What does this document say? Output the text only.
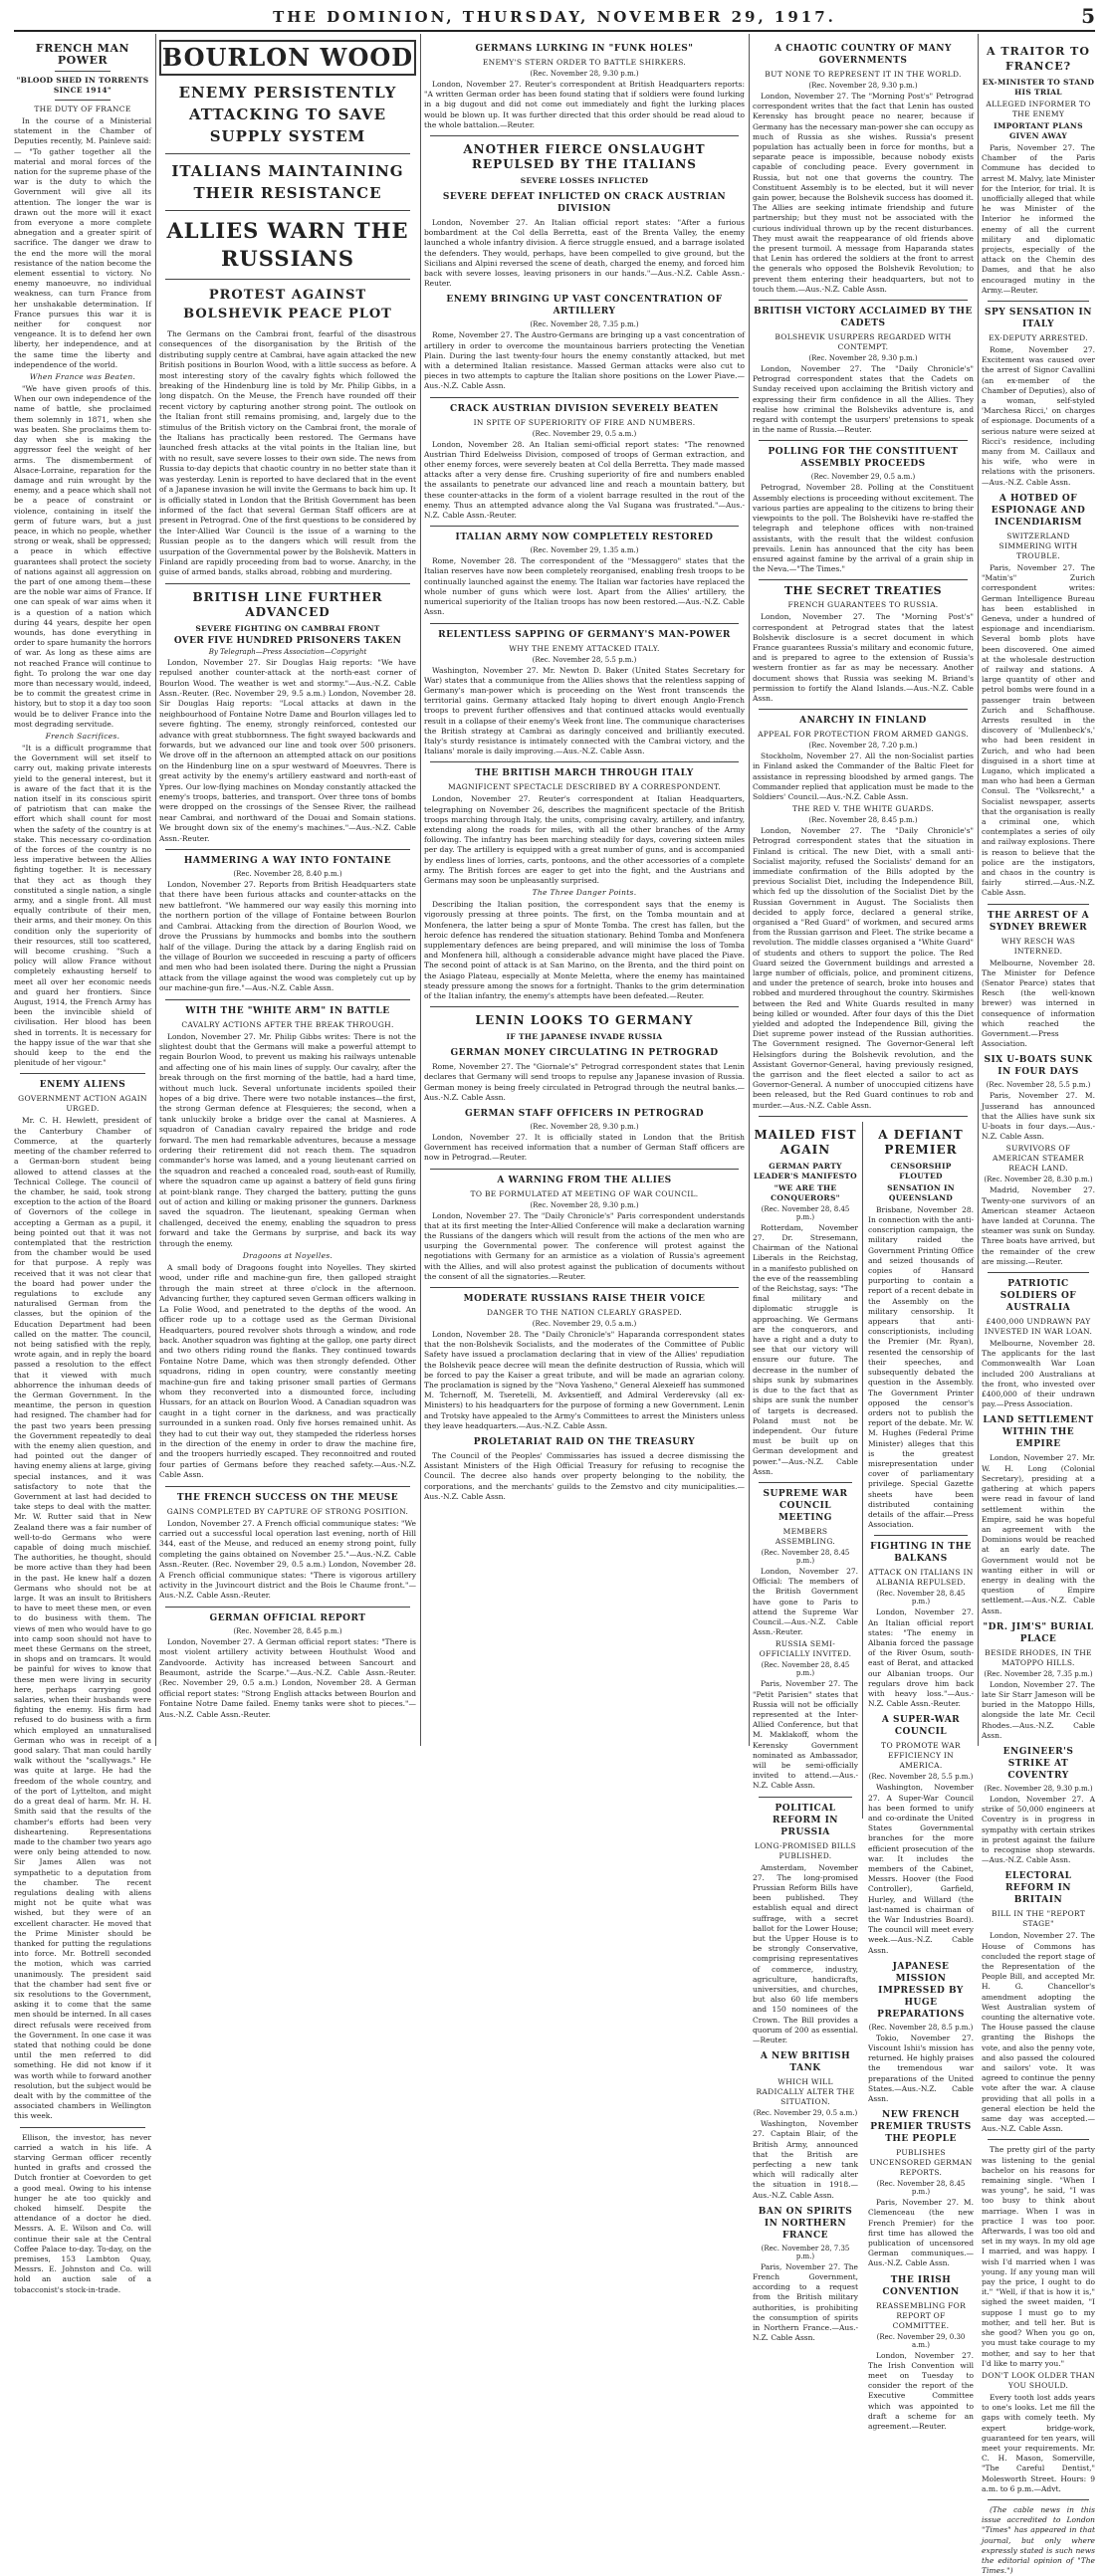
THE DOMINION, THURSDAY, NOVEMBER 29, 1917.	5
FRENCH MAN POWER
"BLOOD SHED IN TORRENTS SINCE 1914"
THE DUTY OF FRANCE

In the course of a Ministerial statement in the Chamber of Deputies recently, M. Painleve said:— "To gather together all the material and moral forces of the nation for the supreme phase of the war is the duty to which the Government will give all its attention. The longer the war is drawn out the more will it exact from everyone a more complete abnegation and a greater spirit of sacrifice. The danger we draw to the end the more will the moral resistance of the nation become the element essential to victory. No enemy manoeuvre, no individual weakness, can turn France from her unshakable determination. If France pursues this war it is neither for conquest nor vengeance. It is to defend her own liberty, her independence, and at the same time the liberty and independence of the world.

When France was Beaten.

"We have given proofs of this. When our own independence of the name of battle, she proclaimed them solemnly in 1871, when she was beaten. She proclaims them to-day when she is making the aggressor feel the weight of her arms. The dismemberment of Alsace-Lorraine, reparation for the damage and ruin wrought by the enemy, and a peace which shall not be a peace of constraint or violence, containing in itself the germ of future wars, but a just peace, in which no people, whether strong or weak, shall be oppressed; a peace in which effective guarantees shall protect the society of nations against all aggression on the part of one among them—these are the noble war aims of France. If one can speak of war aims when it is a question of a nation which during 44 years, despite her open wounds, has done everything in order to spare humanity the horrors of war. As long as these aims are not reached France will continue to fight. To prolong the war one day more than necessary would, indeed, be to commit the greatest crime in history, but to stop it a day too soon would be to deliver France into the most degrading servitude.

French Sacrifices.

"It is a difficult programme that the Government will set itself to carry out, making private interests yield to the general interest, but it is aware of the fact that it is the nation itself in its conscious spirit of patriotism that can make the effort which shall count for most when the safety of the country is at stake. This necessary co-ordination of the forces of the country is no less imperative between the Allies fighting together. It is necessary that they act as though they constituted a single nation, a single army, and a single front. All must equally contribute of their men, their arms, and their money. On this condition only the superiority of their resources, still too scattered, will become crushing. "Such a policy will allow France without completely exhausting herself to meet all over her economic needs and guard her frontiers. Since August, 1914, the French Army has been the invincible shield of civilisation. Her blood has been shed in torrents. It is necessary for the happy issue of the war that she should keep to the end the plenitude of her vigour."

ENEMY ALIENS
GOVERNMENT ACTION AGAIN URGED.

Mr. C. H. Hewlett, president of the Canterbury Chamber of Commerce, at the quarterly meeting of the chamber referred to a German-born student being allowed to attend classes at the Technical College. The council of the chamber, he said, took strong exception to the action of the Board of Governors of the college in accepting a German as a pupil, it being pointed out that it was not contemplated that the restriction from the chamber would be used for that purpose. A reply was received that it was not clear that the board had power under the regulations to exclude any naturalised German from the classes, but the opinion of the Education Department had been called on the matter. The council, not being satisfied with the reply, wrote again, and in reply the board passed a resolution to the effect that it viewed with much abhorrence the inhuman deeds of the German Government. In the meantime, the person in question had resigned. The chamber had for the past two years been pressing the Government repeatedly to deal with the enemy alien question, and had pointed out the danger of having enemy aliens at large, giving special instances, and it was satisfactory to note that the Government at last had decided to take steps to deal with the matter. Mr. W. Rutter said that in New Zealand there was a fair number of well-to-do Germans who were capable of doing much mischief. The authorities, he thought, should be more active than they had been in the past. He knew half a dozen Germans who should not be at large. It was an insult to Britishers to have to meet these men, or even to do business with them. The views of men who would have to go into camp soon should not have to meet these Germans on the street, in shops and on tramcars. It would be painful for wives to know that these men were living in security here, perhaps carrying good salaries, when their husbands were fighting the enemy. His firm had refused to do business with a firm which employed an unnaturalised German who was in receipt of a good salary. That man could hardly walk without the "scallywags." He was quite at large. He had the freedom of the whole country, and of the port of Lyttelton, and might do a great deal of harm. Mr. H. H. Smith said that the results of the chamber's efforts had been very disheartening. Representations made to the chamber two years ago were only being attended to now. Sir James Allen was not sympathetic to a deputation from the chamber. The recent regulations dealing with aliens might not be quite what was wished, but they were of an excellent character. He moved that the Prime Minister should be thanked for putting the regulations into force. Mr. Bottrell seconded the motion, which was carried unanimously. The president said that the chamber had sent five or six resolutions to the Government, asking it to come that the same men should be interned. In all cases direct refusals were received from the Government. In one case it was stated that nothing could be done until the men referred to did something. He did not know if it was worth while to forward another resolution, but the subject would be dealt with by the committee of the associated chambers in Wellington this week.

Ellison, the investor, has never carried a watch in his life. A starving German officer recently hunted in grafts and crossed the Dutch frontier at Coevorden to get a good meal. Owing to his intense hunger he ate too quickly and choked himself. Despite the attendance of a doctor he died. Messrs. A. E. Wilson and Co. will continue their sale at the Central Coffee Palace to-day. To-day, on the premises, 153 Lambton Quay, Messrs. E. Johnston and Co. will hold an auction sale of a tobacconist's stock-in-trade.

BOURLON WOOD
ENEMY PERSISTENTLY ATTACKING TO SAVE SUPPLY SYSTEM
ITALIANS MAINTAINING THEIR RESISTANCE
ALLIES WARN THE RUSSIANS
PROTEST AGAINST BOLSHEVIK PEACE PLOT

The Germans on the Cambrai front, fearful of the disastrous consequences of the disorganisation by the British of the distributing supply centre at Cambrai, have again attacked the new British positions in Bourlon Wood, with a little success as before. A most interesting story of the cavalry fights which followed the breaking of the Hindenburg line is told by Mr. Philip Gibbs, in a long dispatch. On the Meuse, the French have rounded off their recent victory by capturing another strong point. The outlook on the Italian front still remains promising, and, largely due to the stimulus of the British victory on the Cambrai front, the morale of the Italians has practically been restored. The Germans have launched fresh attacks at the vital points in the Italian line, but with no result, save severe losses to their own side. The news from Russia to-day depicts that chaotic country in no better state than it was yesterday. Lenin is reported to have declared that in the event of a Japanese invasion he will invite the Germans to back him up. It is officially stated in London that the British Government has been informed of the fact that several German Staff officers are at present in Petrograd. One of the first questions to be considered by the Inter-Allied War Council is the issue of a warning to the Russian people as to the dangers which will result from the usurpation of the Governmental power by the Bolshevik. Matters in Finland are rapidly proceeding from bad to worse. Anarchy, in the guise of armed bands, stalks abroad, robbing and murdering.

BRITISH LINE FURTHER ADVANCED
SEVERE FIGHTING ON CAMBRAI FRONT
OVER FIVE HUNDRED PRISONERS TAKEN
By Telegraph—Press Association—Copyright

London, November 27. Sir Douglas Haig reports: "We have repulsed another counter-attack at the north-east corner of Bourlon Wood. The weather is wet and stormy."—Aus.-N.Z. Cable Assn.-Reuter. (Rec. November 29, 9.5 a.m.) London, November 28. Sir Douglas Haig reports: "Local attacks at dawn in the neighbourhood of Fontaine Notre Dame and Bourlon villages led to severe fighting. The enemy, strongly reinforced, contested our advance with great stubbornness. The fight swayed backwards and forwards, but we advanced our line and took over 500 prisoners. We drove off in the afternoon an attempted attack on our positions on the Hindenburg line on a spur westward of Moeuvres. There is great activity by the enemy's artillery eastward and north-east of Ypres. Our low-flying machines on Monday constantly attacked the enemy's troops, batteries, and transport. Over three tons of bombs were dropped on the crossings of the Sensee River, the railhead near Cambrai, and northward of the Douai and Somain stations. We brought down six of the enemy's machines."—Aus.-N.Z. Cable Assn.-Reuter.

HAMMERING A WAY INTO FONTAINE
(Rec. November 28, 8.40 p.m.)

London, November 27. Reports from British Headquarters state that there have been furious attacks and counter-attacks on the new battlefront. "We hammered our way easily this morning into the northern portion of the village of Fontaine between Bourlon and Cambrai. Attacking from the direction of Bourlon Wood, we drove the Prussians by hummocks and bombs into the southern half of the village. During the attack by a daring English raid on the village of Bourlon we succeeded in rescuing a party of officers and men who had been isolated there. During the night a Prussian attack from the village against the wood was completely cut up by our machine-gun fire."—Aus.-N.Z. Cable Assn.

WITH THE "WHITE ARM" IN BATTLE
CAVALRY ACTIONS AFTER THE BREAK THROUGH.

London, November 27. Mr. Philip Gibbs writes: There is not the slightest doubt that the Germans will make a powerful attempt to regain Bourlon Wood, to prevent us making his railways untenable and affecting one of his main lines of supply. Our cavalry, after the break through on the first morning of the battle, had a hard time, without much luck. Several unfortunate incidents spoiled their hopes of a big drive. There were two notable instances—the first, the strong German defence at Flesquieres; the second, when a tank unluckily broke a bridge over the canal at Masnieres. A squadron of Canadian cavalry repaired the bridge and rode forward. The men had remarkable adventures, because a message ordering their retirement did not reach them. The squadron commander's horse was lamed, and a young lieutenant carried on the squadron and reached a concealed road, south-east of Rumilly, where the squadron came up against a battery of field guns firing at point-blank range. They charged the battery, putting the guns out of action and killing or making prisoner the gunners. Darkness saved the squadron. The lieutenant, speaking German when challenged, deceived the enemy, enabling the squadron to press forward and take the Germans by surprise, and back its way through the enemy.

Dragoons at Noyelles.

A small body of Dragoons fought into Noyelles. They skirted wood, under rifle and machine-gun fire, then galloped straight through the main street at three o'clock in the afternoon. Advancing further, they captured seven German officers walking in La Folie Wood, and penetrated to the depths of the wood. An officer rode up to a cottage used as the German Divisional Headquarters, poured revolver shots through a window, and rode back. Another squadron was fighting at the gallop, one party direct and two others riding round the flanks. They continued towards Fontaine Notre Dame, which was then strongly defended. Other squadrons, riding in open country, were constantly meeting machine-gun fire and taking prisoner small parties of Germans whom they reconverted into a dismounted force, including Hussars, for an attack on Bourlon Wood. A Canadian squadron was caught in a tight corner in the darkness, and was practically surrounded in a sunken road. Only five horses remained unhit. As they had to cut their way out, they stampeded the riderless horses in the direction of the enemy in order to draw the machine fire, and the troopers hurriedly escaped. They reconnoitred and routed four parties of Germans before they reached safety.—Aus.-N.Z. Cable Assn.

THE FRENCH SUCCESS ON THE MEUSE
GAINS COMPLETED BY CAPTURE OF STRONG POSITION.

London, November 27. A French official communique states: "We carried out a successful local operation last evening, north of Hill 344, east of the Meuse, and reduced an enemy strong point, fully completing the gains obtained on November 25."—Aus.-N.Z. Cable Assn.-Reuter. (Rec. November 29, 0.5 a.m.) London, November 28. A French official communique states: "There is vigorous artillery activity in the Juvincourt district and the Bois le Chaume front."—Aus.-N.Z. Cable Assn.-Reuter.

GERMAN OFFICIAL REPORT
(Rec. November 28, 8.45 p.m.)

London, November 27. A German official report states: "There is most violent artillery activity between Houthulst Wood and Zandvoorde. Activity has increased between Sancourt and Beaumont, astride the Scarpe."—Aus.-N.Z. Cable Assn.-Reuter. (Rec. November 29, 0.5 a.m.) London, November 28. A German official report states: "Strong English attacks between Bourlon and Fontaine Notre Dame failed. Enemy tanks were shot to pieces."—Aus.-N.Z. Cable Assn.-Reuter.

GERMANS LURKING IN "FUNK HOLES"
ENEMY'S STERN ORDER TO BATTLE SHIRKERS.
(Rec. November 28, 9.30 p.m.)

London, November 27. Reuter's correspondent at British Headquarters reports: "A written German order has been found stating that if soldiers were found lurking in a big dugout and did not come out immediately and fight the lurking places would be blown up. It was further directed that this order should be read aloud to the whole battalion.—Reuter.

ANOTHER FIERCE ONSLAUGHT REPULSED BY THE ITALIANS
SEVERE LOSSES INFLICTED
SEVERE DEFEAT INFLICTED ON CRACK AUSTRIAN DIVISION

London, November 27. An Italian official report states: "After a furious bombardment at the Col della Berretta, east of the Brenta Valley, the enemy launched a whole infantry division. A fierce struggle ensued, and a barrage isolated the defenders. They would, perhaps, have been compelled to give ground, but the Sicilians and Alpini reversed the scene of death, charged the enemy, and forced him back with severe losses, leaving prisoners in our hands."—Aus.-N.Z. Cable Assn.-Reuter.

ENEMY BRINGING UP VAST CONCENTRATION OF ARTILLERY
(Rec. November 28, 7.35 p.m.)

Rome, November 27. The Austro-Germans are bringing up a vast concentration of artillery in order to overcome the mountainous barriers protecting the Venetian Plain. During the last twenty-four hours the enemy constantly attacked, but met with a determined Italian resistance. Massed German attacks were also cut to pieces in two attempts to capture the Italian shore positions on the Lower Piave.—Aus.-N.Z. Cable Assn.

CRACK AUSTRIAN DIVISION SEVERELY BEATEN
IN SPITE OF SUPERIORITY OF FIRE AND NUMBERS.
(Rec. November 29, 0.5 a.m.)

London, November 28. An Italian semi-official report states: "The renowned Austrian Third Edelweiss Division, composed of troops of German extraction, and other enemy forces, were severely beaten at Col della Berretta. They made massed attacks after a very dense fire. Crushing superiority of fire and numbers enabled the assailants to penetrate our advanced line and reach a mountain battery, but these counter-attacks in the form of a violent barrage resulted in the rout of the enemy. Thus an attempted advance along the Val Sugana was frustrated."—Aus.-N.Z. Cable Assn.-Reuter.

ITALIAN ARMY NOW COMPLETELY RESTORED
(Rec. November 29, 1.35 a.m.)

Rome, November 28. The correspondent of the "Messaggero" states that the Italian reserves have now been completely reorganised, enabling fresh troops to be continually launched against the enemy. The Italian war factories have replaced the whole number of guns which were lost. Apart from the Allies' artillery, the numerical superiority of the Italian troops has now been restored.—Aus.-N.Z. Cable Assn.

RELENTLESS SAPPING OF GERMANY'S MAN-POWER
WHY THE ENEMY ATTACKED ITALY.
(Rec. November 28, 5.5 p.m.)

Washington, November 27. Mr. Newton D. Baker (United States Secretary for War) states that a communique from the Allies shows that the relentless sapping of Germany's man-power which is proceeding on the West front transcends the territorial gains. Germany attacked Italy hoping to divert enough Anglo-French troops to prevent further offensives and that continued attacks would eventually result in a collapse of their enemy's Week front line. The communique characterises the British strategy at Cambrai as daringly conceived and brilliantly executed. Italy's sturdy resistance is intimately connected with the Cambrai victory, and the Italians' morale is daily improving.—Aus.-N.Z. Cable Assn.

THE BRITISH MARCH THROUGH ITALY
MAGNIFICENT SPECTACLE DESCRIBED BY A CORRESPONDENT.

London, November 27. Reuter's correspondent at Italian Headquarters, telegraphing on November 26, describes the magnificent spectacle of the British troops marching through Italy, the units, comprising cavalry, artillery, and infantry, extending along the roads for miles, with all the other branches of the Army following. The infantry has been marching steadily for days, covering sixteen miles per day. The artillery is equipped with a great number of guns, and is accompanied by endless lines of lorries, carts, pontoons, and the other accessories of a complete army. The British forces are eager to get into the fight, and the Austrians and Germans may soon be unpleasantly surprised.

The Three Danger Points.

Describing the Italian position, the correspondent says that the enemy is vigorously pressing at three points. The first, on the Tomba mountain and at Monfenera, the latter being a spur of Monte Tomba. The crest has fallen, but the heroic defence has rendered the situation stationary. Behind Tomba and Monfenera supplementary defences are being prepared, and will minimise the loss of Tomba and Monfenera hill, although a considerable advance might have placed the Piave. The second point of attack is at San Marino, on the Brenta, and the third point on the Asiago Plateau, especially at Monte Meletta, where the enemy has maintained steady pressure among the snows for a fortnight. Thanks to the grim determination of the Italian infantry, the enemy's attempts have been defeated.—Reuter.

LENIN LOOKS TO GERMANY
IF THE JAPANESE INVADE RUSSIA
GERMAN MONEY CIRCULATING IN PETROGRAD

Rome, November 27. The "Giornale's" Petrograd correspondent states that Lenin declares that Germany will send troops to repulse any Japanese invasion of Russia. German money is being freely circulated in Petrograd through the neutral banks.—Aus.-N.Z. Cable Assn.

GERMAN STAFF OFFICERS IN PETROGRAD
(Rec. November 28, 9.30 p.m.)

London, November 27. It is officially stated in London that the British Government has received information that a number of German Staff officers are now in Petrograd.—Reuter.

A WARNING FROM THE ALLIES
TO BE FORMULATED AT MEETING OF WAR COUNCIL.
(Rec. November 28, 9.30 p.m.)

London, November 27. The "Daily Chronicle's" Paris correspondent understands that at its first meeting the Inter-Allied Conference will make a declaration warning the Russians of the dangers which will result from the actions of the men who are usurping the Governmental power. The conference will protest against the negotiations with Germany for an armistice as a violation of Russia's agreement with the Allies, and will also protest against the publication of documents without the consent of all the signatories.—Reuter.

MODERATE RUSSIANS RAISE THEIR VOICE
DANGER TO THE NATION CLEARLY GRASPED.
(Rec. November 29, 0.5 a.m.)

London, November 28. The "Daily Chronicle's" Haparanda correspondent states that the non-Bolshevik Socialists, and the moderates of the Committee of Public Safety have issued a proclamation declaring that in view of the Allies' repudiation the Bolshevik peace decree will mean the definite destruction of Russia, which will be forced to pay the Kaiser a great tribute, and will be made an agrarian colony. The proclamation is signed by the "Nova Yasheno," General Alexeieff has summoned M. Tchernoff, M. Tseretelli, M. Avksentieff, and Admiral Verderevsky (all ex-Ministers) to his headquarters for the purpose of forming a new Government. Lenin and Trotsky have appealed to the Army's Committees to arrest the Ministers unless they leave headquarters.—Aus.-N.Z. Cable Assn.

PROLETARIAT RAID ON THE TREASURY

The Council of the Peoples' Commissaries has issued a decree dismissing the Assistant Ministers of the High Official Treasury for refusing to recognise the Council. The decree also hands over property belonging to the nobility, the corporations, and the merchants' guilds to the Zemstvo and city municipalities.—Aus.-N.Z. Cable Assn.

A CHAOTIC COUNTRY OF MANY GOVERNMENTS
BUT NONE TO REPRESENT IT IN THE WORLD.
(Rec. November 28, 9.30 p.m.)

London, November 27. The "Morning Post's" Petrograd correspondent writes that the fact that Lenin has ousted Kerensky has brought peace no nearer, because if Germany has the necessary man-power she can occupy as much of Russia as she wishes. Russia's present population has actually been in force for months, but a separate peace is impossible, because nobody exists capable of concluding peace. Every government in Russia, but not one that governs the country. The Constituent Assembly is to be elected, but it will never gain power, because the Bolshevik success has doomed it. The Allies are seeking intimate friendship and future partnership; but they must not be associated with the curious individual thrown up by the recent disturbances. They must await the reappearance of old friends above the present turmoil. A message from Haparanda states that Lenin has ordered the soldiers at the front to arrest the generals who opposed the Bolshevik Revolution; to prevent them entering their headquarters, but not to touch them.—Aus.-N.Z. Cable Assn.

BRITISH VICTORY ACCLAIMED BY THE CADETS
BOLSHEVIK USURPERS REGARDED WITH CONTEMPT.
(Rec. November 28, 9.30 p.m.)

London, November 27. The "Daily Chronicle's" Petrograd correspondent states that the Cadets on Sunday received upon acclaiming the British victory and expressing their firm confidence in all the Allies. They realise how criminal the Bolsheviks adventure is, and regard with contempt the usurpers' pretensions to speak in the name of Russia.—Reuter.

POLLING FOR THE CONSTITUENT ASSEMBLY PROCEEDS
(Rec. November 29, 0.5 a.m.)

Petrograd, November 28. Polling at the Constituent Assembly elections is proceeding without excitement. The various parties are appealing to the citizens to bring their viewpoints to the poll. The Bolsheviki have re-staffed the telegraph and telephone offices with non-trained assistants, with the result that the wildest confusion prevails. Lenin has announced that the city has been ensured against famine by the arrival of a grain ship in the Neva.—"The Times."

THE SECRET TREATIES
FRENCH GUARANTEES TO RUSSIA.

London, November 27. The "Morning Post's" correspondent at Petrograd states that the latest Bolshevik disclosure is a secret document in which France guarantees Russia's military and economic future, and is prepared to agree to the extension of Russia's western frontier as far as may be necessary. Another document shows that Russia was seeking M. Briand's permission to fortify the Aland Islands.—Aus.-N.Z. Cable Assn.

ANARCHY IN FINLAND
APPEAL FOR PROTECTION FROM ARMED GANGS.
(Rec. November 28, 7.20 p.m.)

Stockholm, November 27. All the non-Socialist parties in Finland asked the Commander of the Baltic Fleet for assistance in repressing bloodshed by armed gangs. The Commander replied that application must be made to the Soldiers' Council.—Aus.-N.Z. Cable Assn.

THE RED V. THE WHITE GUARDS.
(Rec. November 28, 8.45 p.m.)

London, November 27. The "Daily Chronicle's" Petrograd correspondent states that the situation in Finland is critical. The new Diet, with a small anti-Socialist majority, refused the Socialists' demand for an immediate confirmation of the Bills adopted by the previous Socialist Diet, including the Independence Bill, which fed up the dissolution of the Socialist Diet by the Russian Government in August. The Socialists then decided to apply force, declared a general strike, organised a "Red Guard" of workmen, and secured arms from the Russian garrison and Fleet. The strike became a revolution. The middle classes organised a "White Guard" of students and others to support the police. The Red Guard seized the Government buildings and arrested a large number of officials, police, and prominent citizens, and under the pretence of search, broke into houses and robbed and murdered throughout the country. Skirmishes between the Red and White Guards resulted in many being killed or wounded. After four days of this the Diet yielded and adopted the Independence Bill, giving the Diet supreme power instead of the Russian authorities. The Government resigned. The Governor-General left Helsingfors during the Bolshevik revolution, and the Assistant Governor-General, having previously resigned, the garrison and the fleet elected a sailor to act as Governor-General. A number of unoccupied citizens have been released, but the Red Guard continues to rob and murder.—Aus.-N.Z. Cable Assn.

MAILED FIST AGAIN
GERMAN PARTY LEADER'S MANIFESTO
"WE ARE THE CONQUERORS"
(Rec. November 28, 8.45 p.m.)

Rotterdam, November 27. Dr. Stresemann, Chairman of the National Liberals in the Reichstag, in a manifesto published on the eve of the reassembling of the Reichstag, says: "The final military and diplomatic struggle is approaching. We Germans are the conquerors, and have a right and a duty to see that our victory will ensure our future. The decrease in the number of ships sunk by submarines is due to the fact that as ships are sunk the number of targets is decreased. Poland must not be independent. Our future must be built up on German development and power."—Aus.-N.Z. Cable Assn.

SUPREME WAR COUNCIL MEETING
MEMBERS ASSEMBLING.
(Rec. November 28, 8.45 p.m.)

London, November 27. Official: The members of the British Government have gone to Paris to attend the Supreme War Council.—Aus.-N.Z. Cable Assn.-Reuter.

RUSSIA SEMI-OFFICIALLY INVITED.
(Rec. November 28, 8.45 p.m.)

Paris, November 27. The "Petit Parisien" states that Russia will not be officially represented at the Inter-Allied Conference, but that M. Maklakoff, whom the Kerensky Government nominated as Ambassador, will be semi-officially invited to attend.—Aus.-N.Z. Cable Assn.

POLITICAL REFORM IN PRUSSIA
LONG-PROMISED BILLS PUBLISHED.

Amsterdam, November 27. The long-promised Prussian Reform Bills have been published. They establish equal and direct suffrage, with a secret ballot for the Lower House; but the Upper House is to be strongly Conservative, comprising representatives of commerce, industry, agriculture, handicrafts, universities, and churches, but also 60 life members and 150 nominees of the Crown. The Bill provides a quorum of 200 as essential.—Reuter.

A NEW BRITISH TANK
WHICH WILL RADICALLY ALTER THE SITUATION.
(Rec. November 29, 0.5 a.m.)

Washington, November 27. Captain Blair, of the British Army, announced that the British are perfecting a new tank which will radically alter the situation in 1918.—Aus.-N.Z. Cable Assn.

BAN ON SPIRITS IN NORTHERN FRANCE
(Rec. November 28, 7.35 p.m.)

Paris, November 27. The French Government, according to a request from the British military authorities, is prohibiting the consumption of spirits in Northern France.—Aus.-N.Z. Cable Assn.

A DEFIANT PREMIER
CENSORSHIP FLOUTED
SENSATION IN QUEENSLAND

Brisbane, November 28. In connection with the anti-conscription campaign, the military raided the Government Printing Office and seized thousands of copies of Hansard purporting to contain a report of a recent debate in the Assembly on the military censorship. It appears that anti-conscriptionists, including the Premier (Mr. Ryan), resented the censorship of their speeches, and subsequently debated the question in the Assembly. The Government Printer opposed the censor's orders not to publish the report of the debate. Mr. W. M. Hughes (Federal Prime Minister) alleges that this is the greatest misrepresentation under cover of parliamentary privilege. Special Gazette sheets have been distributed containing details of the affair.—Press Association.

FIGHTING IN THE BALKANS
ATTACK ON ITALIANS IN ALBANIA REPULSED.
(Rec. November 28, 8.45 p.m.)

London, November 27. An Italian official report states: "The enemy in Albania forced the passage of the River Osum, south-east of Berat, and attacked our Albanian troops. Our regulars drove him back with heavy loss."—Aus.-N.Z. Cable Assn.-Reuter.

A SUPER-WAR COUNCIL
TO PROMOTE WAR EFFICIENCY IN AMERICA.
(Rec. November 28, 5.5 p.m.)

Washington, November 27. A Super-War Council has been formed to unify and co-ordinate the United States Governmental branches for the more efficient prosecution of the war. It includes the members of the Cabinet, Messrs. Hoover (the Food Controller), Garfield, Hurley, and Willard (the last-named is chairman of the War Industries Board). The council will meet every week.—Aus.-N.Z. Cable Assn.

JAPANESE MISSION IMPRESSED BY HUGE PREPARATIONS
(Rec. November 28, 8.5 p.m.)

Tokio, November 27. Viscount Ishii's mission has returned. He highly praises the tremendous war preparations of the United States.—Aus.-N.Z. Cable Assn.

NEW FRENCH PREMIER TRUSTS THE PEOPLE
PUBLISHES UNCENSORED GERMAN REPORTS.
(Rec. November 28, 8.45 p.m.)

Paris, November 27. M. Clemenceau (the new French Premier) for the first time has allowed the publication of uncensored German communiques.—Aus.-N.Z. Cable Assn.

THE IRISH CONVENTION
REASSEMBLING FOR REPORT OF COMMITTEE.
(Rec. November 29, 0.30 a.m.)

London, November 27. The Irish Convention will meet on Tuesday to consider the report of the Executive Committee which was appointed to draft a scheme for an agreement.—Reuter.

A TRAITOR TO FRANCE?
EX-MINISTER TO STAND HIS TRIAL
ALLEGED INFORMER TO THE ENEMY
IMPORTANT PLANS GIVEN AWAY

Paris, November 27. The Chamber of the Paris Commune has decided to arrest M. Malvy, late Minister for the Interior, for trial. It is unofficially alleged that while he was Minister of the Interior he informed the enemy of all the current military and diplomatic projects, especially of the attack on the Chemin des Dames, and that he also encouraged mutiny in the Army.—Reuter.

SPY SENSATION IN ITALY
EX-DEPUTY ARRESTED.

Rome, November 27. Excitement was caused over the arrest of Signor Cavallini (an ex-member of the Chamber of Deputies), also of a woman, self-styled 'Marchesa Ricci,' on charges of espionage. Documents of a serious nature were seized at Ricci's residence, including many from M. Caillaux and his wife, who were in relations with the prisoners.—Aus.-N.Z. Cable Assn.

A HOTBED OF ESPIONAGE AND INCENDIARISM
SWITZERLAND SIMMERING WITH TROUBLE.

Paris, November 27. The "Matin's" Zurich correspondent writes: German Intelligence Bureau has been established in Geneva, under a hundred of espionage and incendiarism. Several bomb plots have been discovered. One aimed at the wholesale destruction of railway and stations. A large quantity of other and petrol bombs were found in a passenger train between Zurich and Schaffhouse. Arrests resulted in the discovery of 'Mullenbeck's,' who had been resident in Zurich, and who had been disguised in a short time at Lugano, which implicated a man who had been a German Consul. The "Volksrecht," a Socialist newspaper, asserts that the organisation is really a criminal one, which contemplates a series of oily and railway explosions. There is reason to believe that the police are the instigators, and chaos in the country is fairly stirred.—Aus.-N.Z. Cable Assn.

THE ARREST OF A SYDNEY BREWER
WHY RESCH WAS INTERNED.

Melbourne, November 28. The Minister for Defence (Senator Pearce) states that Resch (the well-known brewer) was interned in consequence of information which reached the Government.—Press Association.

SIX U-BOATS SUNK IN FOUR DAYS
(Rec. November 28, 5.5 p.m.)

Paris, November 27. M. Jusserand has announced that the Allies have sunk six U-boats in four days.—Aus.-N.Z. Cable Assn.

SURVIVORS OF AMERICAN STEAMER REACH LAND.
(Rec. November 28, 8.30 p.m.)

Madrid, November 27. Twenty-one survivors of an American steamer Actaeon have landed at Corunna. The steamer was sunk on Sunday. Three boats have arrived, but the remainder of the crew are missing.—Reuter.

PATRIOTIC SOLDIERS OF AUSTRALIA
£400,000 UNDRAWN PAY INVESTED IN WAR LOAN.

Melbourne, November 28. The applicants for the last Commonwealth War Loan included 200 Australians at the front, who invested over £400,000 of their undrawn pay.—Press Association.

LAND SETTLEMENT WITHIN THE EMPIRE

London, November 27. Mr. W. H. Long (Colonial Secretary), presiding at a gathering at which papers were read in favour of land settlement within the Empire, said he was hopeful an agreement with the Dominions would be reached at an early date. The Government would not be wanting either in will or energy in dealing with the question of Empire settlement.—Aus.-N.Z. Cable Assn.

"DR. JIM'S" BURIAL PLACE
BESIDE RHODES, IN THE MATOPPO HILLS.
(Rec. November 28, 7.35 p.m.)

London, November 27. The late Sir Starr Jameson will be buried in the Matoppo Hills, alongside the late Mr. Cecil Rhodes.—Aus.-N.Z. Cable Assn.

ENGINEER'S STRIKE AT COVENTRY
(Rec. November 28, 9.30 p.m.)

London, November 27. A strike of 50,000 engineers at Coventry is in progress in sympathy with certain strikes in protest against the failure to recognise shop stewards.—Aus.-N.Z. Cable Assn.

ELECTORAL REFORM IN BRITAIN
BILL IN THE "REPORT STAGE"

London, November 27. The House of Commons has concluded the report stage of the Representation of the People Bill, and accepted Mr. H. G. Chancellor's amendment adopting the West Australian system of counting the alternative vote. The House passed the clause granting the Bishops the vote, and also the penny vote, and also passed the coloured and sailors' vote. It was agreed to continue the penny vote after the war. A clause providing that all polls in a general election be held the same day was accepted.—Aus.-N.Z. Cable Assn.

The pretty girl of the party was listening to the genial bachelor on his reasons for remaining single. "When I was young", he said, "I was too busy to think about marriage. When I was in practice I was too poor. Afterwards, I was too old and set in my ways. In my old age I married, and was happy. I wish I'd married when I was young. If any young man will pay the price, I ought to do it." "Well, if that is how it is," sighed the sweet maiden, "I suppose I must go to my mother, and tell her. But is she good? When you go on, you must take courage to my mother, and say to her that I'd like to marry you."

DON'T LOOK OLDER THAN YOU SHOULD.

Every tooth lost adds years to one's looks. Let me fill the gaps with comely teeth. My expert bridge-work, guaranteed for ten years, will meet your requirements. Mr. C. H. Mason, Somerville, "The Careful Dentist," Molesworth Street. Hours: 9 a.m. to 6 p.m.—Advt.

(The cable news in this issue accredited to London "Times" has appeared in that journal, but only where expressly stated is such news the editorial opinion of "The Times.")
